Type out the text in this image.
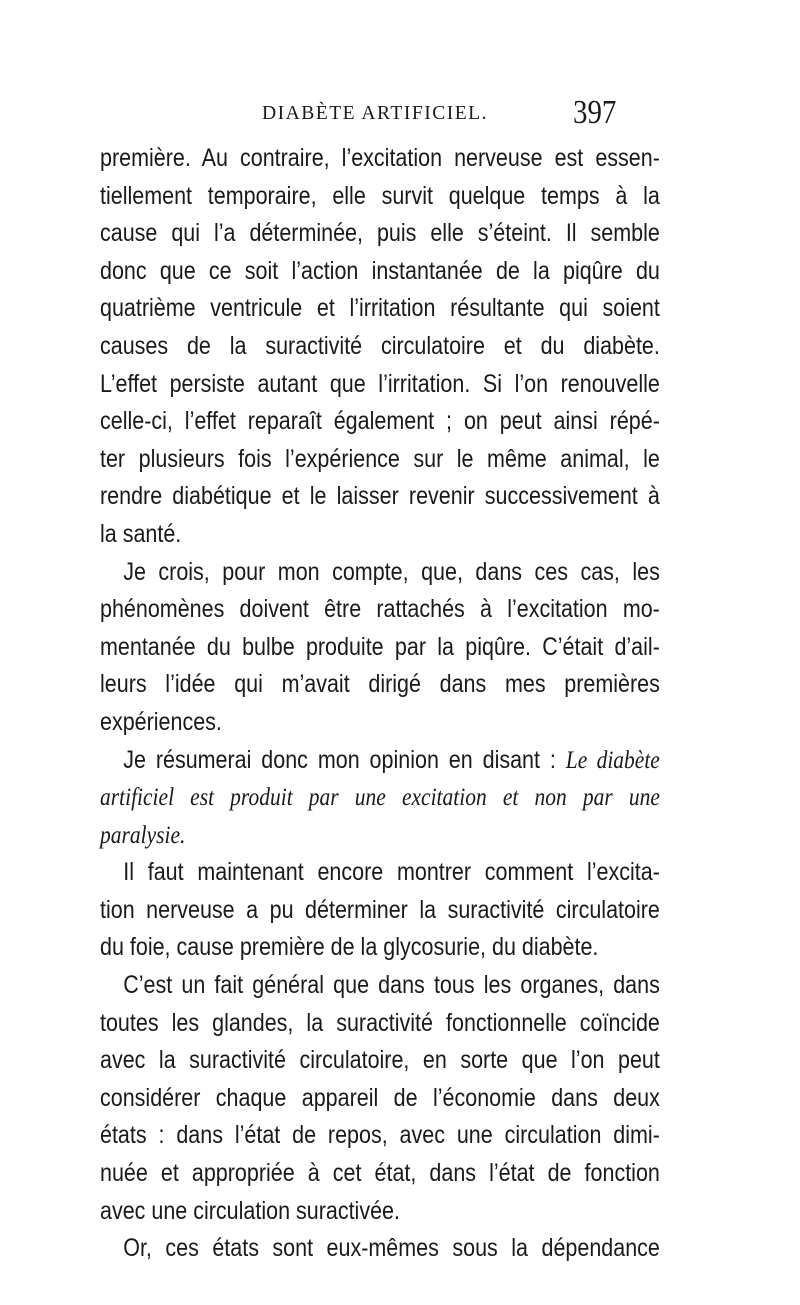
DIABÈTE ARTIFICIEL.	397
première. Au contraire, l’excitation nerveuse est essen-
tiellement temporaire, elle survit quelque temps à la
cause qui l’a déterminée, puis elle s’éteint. Il semble
donc que ce soit l’action instantanée de la piqûre du
quatrième ventricule et l’irritation résultante qui soient
causes de la suractivité circulatoire et du diabète.
L’effet persiste autant que l’irritation. Si l’on renouvelle
celle-ci, l’effet reparaît également ; on peut ainsi répé-
ter plusieurs fois l’expérience sur le même animal, le
rendre diabétique et le laisser revenir successivement à
la santé.
Je crois, pour mon compte, que, dans ces cas, les
phénomènes doivent être rattachés à l’excitation mo-
mentanée du bulbe produite par la piqûre. C’était d’ail-
leurs l’idée qui m’avait dirigé dans mes premières
expériences.
Je résumerai donc mon opinion en disant : Le diabète
artificiel est produit par une excitation et non par une
paralysie.
Il faut maintenant encore montrer comment l’excita-
tion nerveuse a pu déterminer la suractivité circulatoire
du foie, cause première de la glycosurie, du diabète.
C’est un fait général que dans tous les organes, dans
toutes les glandes, la suractivité fonctionnelle coïncide
avec la suractivité circulatoire, en sorte que l’on peut
considérer chaque appareil de l’économie dans deux
états : dans l’état de repos, avec une circulation dimi-
nuée et appropriée à cet état, dans l’état de fonction
avec une circulation suractivée.
Or, ces états sont eux-mêmes sous la dépendance
